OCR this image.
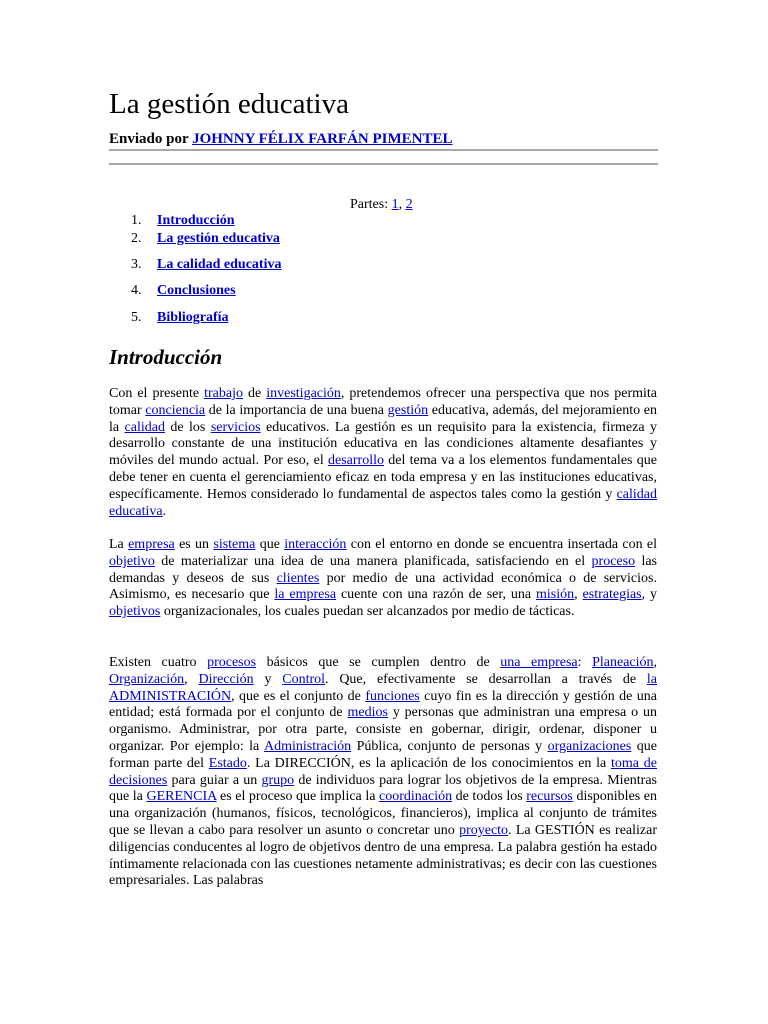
La gestión educativa

Enviado por JOHNNY FÉLIX FARFÁN PIMENTEL

Partes: 1, 2
1.	Introducción
2.	La gestión educativa
3.	La calidad educativa
4.	Conclusiones
5.	Bibliografía
Introducción

Con el presente trabajo de investigación, pretendemos ofrecer una perspectiva que nos permita tomar conciencia de la importancia de una buena gestión educativa, además, del mejoramiento en la calidad de los servicios educativos. La gestión es un requisito para la existencia, firmeza y desarrollo constante de una institución educativa en las condiciones altamente desafiantes y móviles del mundo actual. Por eso, el desarrollo del tema va a los elementos fundamentales que debe tener en cuenta el gerenciamiento eficaz en toda empresa y en las instituciones educativas, específicamente. Hemos considerado lo fundamental de aspectos tales como la gestión y calidad educativa.

La empresa es un sistema que interacción con el entorno en donde se encuentra insertada con el objetivo de materializar una idea de una manera planificada, satisfaciendo en el proceso las demandas y deseos de sus clientes por medio de una actividad económica o de servicios. Asimismo, es necesario que la empresa cuente con una razón de ser, una misión, estrategias, y objetivos organizacionales, los cuales puedan ser alcanzados por medio de tácticas.

Existen cuatro procesos básicos que se cumplen dentro de una empresa: Planeación, Organización, Dirección y Control. Que, efectivamente se desarrollan a través de la ADMINISTRACIÓN, que es el conjunto de funciones cuyo fin es la dirección y gestión de una entidad; está formada por el conjunto de medios y personas que administran una empresa o un organismo. Administrar, por otra parte, consiste en gobernar, dirigir, ordenar, disponer u organizar. Por ejemplo: la Administración Pública, conjunto de personas y organizaciones que forman parte del Estado. La DIRECCIÓN, es la aplicación de los conocimientos en la toma de decisiones para guiar a un grupo de individuos para lograr los objetivos de la empresa. Mientras que la GERENCIA es el proceso que implica la coordinación de todos los recursos disponibles en una organización (humanos, físicos, tecnológicos, financieros), implica al conjunto de trámites que se llevan a cabo para resolver un asunto o concretar uno proyecto. La GESTIÓN es realizar diligencias conducentes al logro de objetivos dentro de una empresa. La palabra gestión ha estado íntimamente relacionada con las cuestiones netamente administrativas; es decir con las cuestiones empresariales. Las palabras
